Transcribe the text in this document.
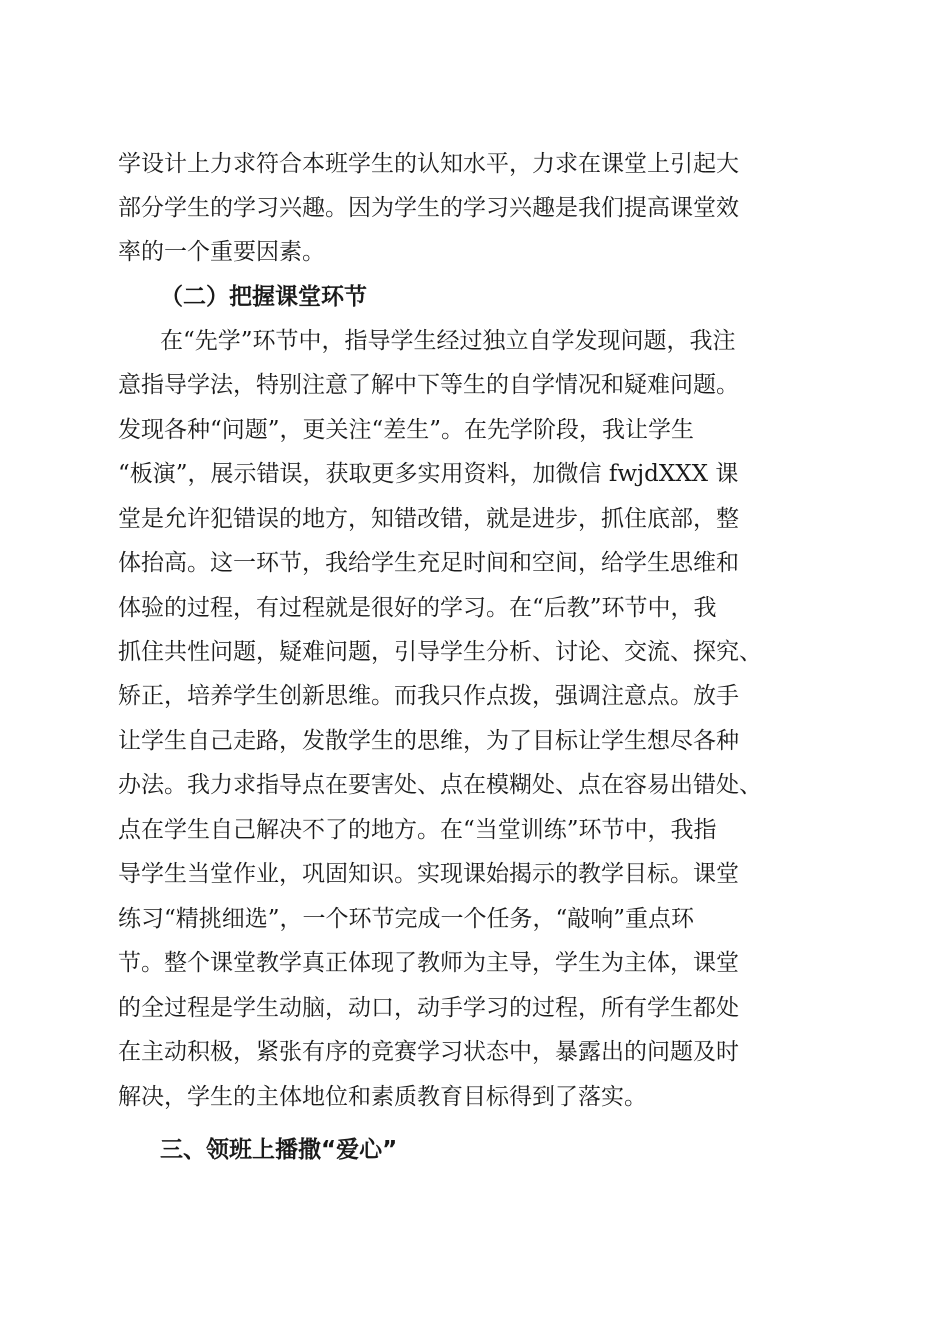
学设计上力求符合本班学生的认知水平，力求在课堂上引起大
部分学生的学习兴趣。因为学生的学习兴趣是我们提高课堂效
率的一个重要因素。
（二）把握课堂环节
在“先学”环节中，指导学生经过独立自学发现问题，我注
意指导学法，特别注意了解中下等生的自学情况和疑难问题。
发现各种“问题”，更关注“差生”。在先学阶段，我让学生
“板演”，展示错误，获取更多实用资料，加微信 fwjdXXX 课
堂是允许犯错误的地方，知错改错，就是进步，抓住底部，整
体抬高。这一环节，我给学生充足时间和空间，给学生思维和
体验的过程，有过程就是很好的学习。在“后教”环节中，我
抓住共性问题，疑难问题，引导学生分析、讨论、交流、探究、
矫正，培养学生创新思维。而我只作点拨，强调注意点。放手
让学生自己走路，发散学生的思维，为了目标让学生想尽各种
办法。我力求指导点在要害处、点在模糊处、点在容易出错处、
点在学生自己解决不了的地方。在“当堂训练”环节中，我指
导学生当堂作业，巩固知识。实现课始揭示的教学目标。课堂
练习“精挑细选”，一个环节完成一个任务，“敲响”重点环
节。整个课堂教学真正体现了教师为主导，学生为主体，课堂
的全过程是学生动脑，动口，动手学习的过程，所有学生都处
在主动积极，紧张有序的竞赛学习状态中，暴露出的问题及时
解决，学生的主体地位和素质教育目标得到了落实。
三、领班上播撒“爱心”
